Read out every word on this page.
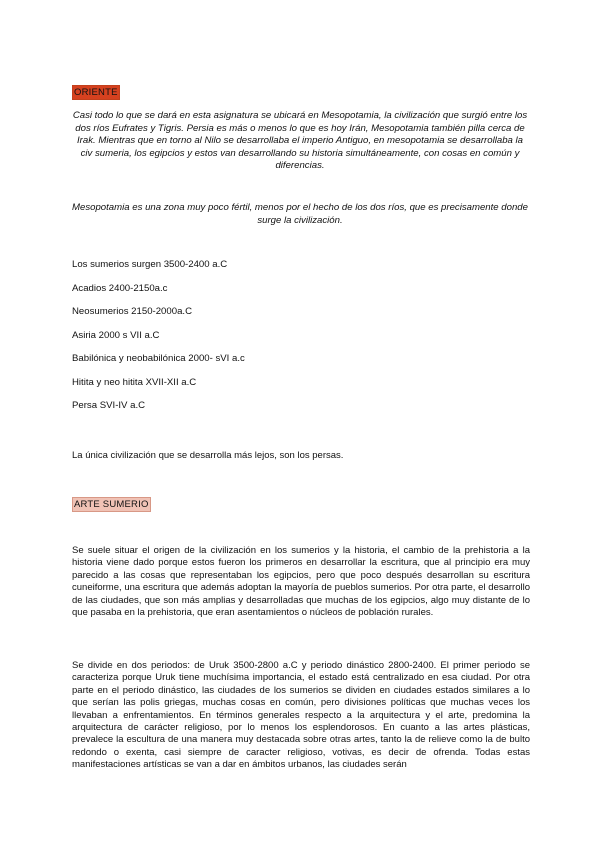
ORIENTE

Casi todo lo que se dará en esta asignatura se ubicará en Mesopotamia, la civilización que surgió entre los dos ríos Eufrates y Tigris. Persia es más o menos lo que es hoy Irán, Mesopotamia también pilla cerca de Irak. Mientras que en torno al Nilo se desarrollaba el imperio Antiguo, en mesopotamia se desarrollaba la civ sumeria, los egipcios y estos van desarrollando su historia simultáneamente, con cosas en común y diferencias.

Mesopotamia es una zona muy poco fértil, menos por el hecho de los dos ríos, que es precisamente donde surge la civilización.

Los sumerios surgen 3500-2400 a.C
Acadios 2400-2150a.c
Neosumerios 2150-2000a.C
Asiria 2000 s VII a.C
Babilónica y neobabilónica 2000- sVI a.c
Hitita y neo hitita XVII-XII a.C
Persa SVI-IV a.C

La única civilización que se desarrolla más lejos, son los persas.

ARTE SUMERIO

Se suele situar el origen de la civilización en los sumerios y la historia, el cambio de la prehistoria a la historia viene dado porque estos fueron los primeros en desarrollar la escritura, que al principio era muy parecido a las cosas que representaban los egipcios, pero que poco después desarrollan su escritura cuneiforme, una escritura que además adoptan la mayoría de pueblos sumerios. Por otra parte, el desarrollo de las ciudades, que son más amplias y desarrolladas que muchas de los egipcios, algo muy distante de lo que pasaba en la prehistoria, que eran asentamientos o núcleos de población rurales.

Se divide en dos periodos: de Uruk 3500-2800 a.C y periodo dinástico 2800-2400. El primer periodo se caracteriza porque Uruk tiene muchísima importancia, el estado está centralizado en esa ciudad. Por otra parte en el periodo dinástico, las ciudades de los sumerios se dividen en ciudades estados similares a lo que serían las polis griegas, muchas cosas en común, pero divisiones políticas que muchas veces los llevaban a enfrentamientos. En términos generales respecto a la arquitectura y el arte, predomina la arquitectura de carácter religioso, por lo menos los esplendorosos. En cuanto a las artes plásticas, prevalece la escultura de una manera muy destacada sobre otras artes, tanto la de relieve como la de bulto redondo o exenta, casi siempre de caracter religioso, votivas, es decir de ofrenda. Todas estas manifestaciones artísticas se van a dar en ámbitos urbanos, las ciudades serán
